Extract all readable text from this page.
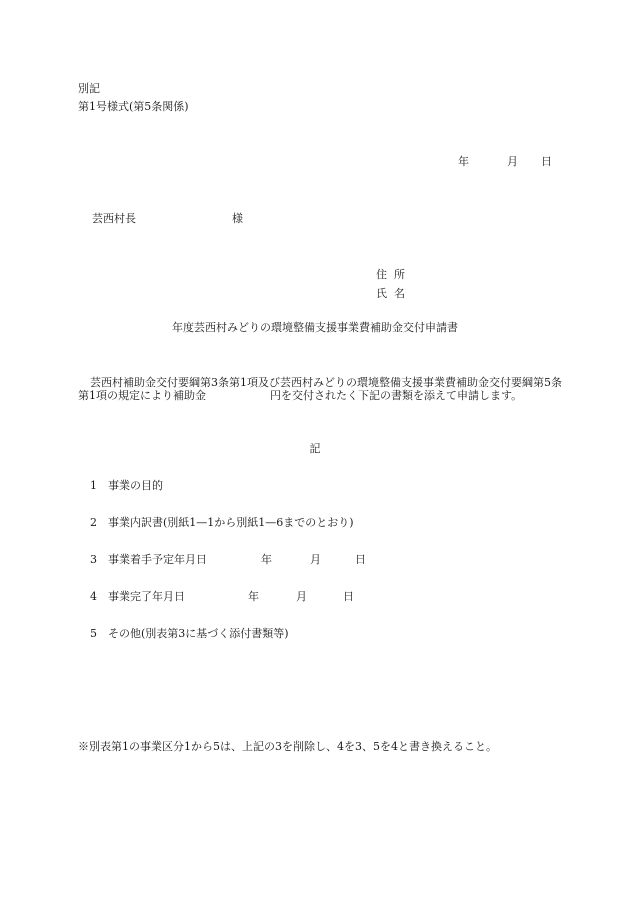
別記
第1号様式(第5条関係)
年	月 日
芸西村長	様
住所
氏名
年度芸西村みどりの環境整備支援事業費補助金交付申請書
芸西村補助金交付要綱第3条第1項及び芸西村みどりの環境整備支援事業費補助金交付要綱第5条第1項の規定により補助金	円を交付されたく下記の書類を添えて申請します。
記
1 事業の目的
2 事業内訳書(別紙1—1から別紙1—6までのとおり)
3 事業着手予定年月日	年	月	日
4 事業完了年月日	年	月	日
5 その他(別表第3に基づく添付書類等)
※別表第1の事業区分1から5は、上記の3を削除し、4を3、5を4と書き換えること。
